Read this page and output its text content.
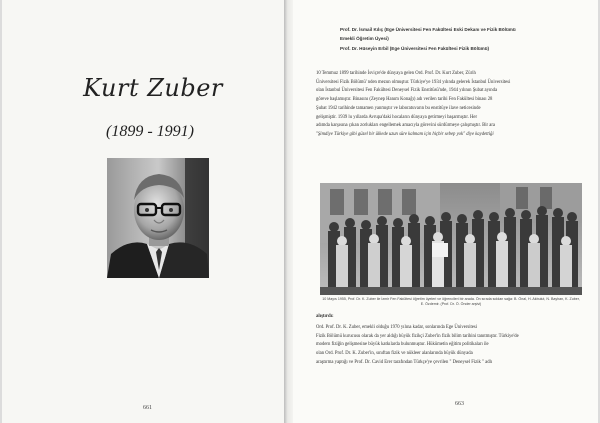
Kurt Zuber
(1899 - 1991)
661
Prof. Dr. İsmail Kılıç (Ege Üniversitesi Fen Fakültesi Eski Dekanı ve Fizik Bölümü
Emekli Öğretim Üyesi)
Prof. Dr. Hüseyin Erbil (Ege Üniversitesi Fen Fakültesi Fizik Bölümü)
10 Temmuz 1899 tarihinde İsviçre'de dünyaya gelen Ord. Prof. Dr. Kurt Zuber, Zürih
Üniversitesi Fizik Bölümü' nden mezun olmuştur. Türkiye'ye 1934 yılında gelerek İstanbul Üniversitesi
olan İstanbul Üniversitesi Fen Fakültesi Deneysel Fizik Enstitüsü'nde, 1944 yılının Şubat ayında
göreve başlamıştır. Binasını (Zeynep Hanım Konağı) adı verilen tarihi Fen Fakültesi binası 28
Şubat 1942 tarihinde tamamen yanmıştır ve laboratuvarın bu enstitüye ilave neticesinde
gelişmiştir. 1939 lu yıllarda Avrupa'daki hocaların dünyaya getirmeyi başarmıştır. Her
adımda karşısına çıkan zorlukları engellemek amacıyla görevini sürdürmeye çalışmıştır. Bir ara
"Şimdiye Türkiye gibi güzel bir ülkede uzun süre kalmam için hiçbir sebep yok" diye kaydettiği
10 Mayıs 1955, Prof. Dr. K. Zuber ile İzmir Fen Fakültesi öğretim üyeleri ve öğrencileri bir arada. Ön sırada soldan sağa: B. Önal, H. Akbulut, N. Bayhan, K. Zuber, E. Özdemir. (Prof. Dr. Ö. Önder arşivi)
alıştırdı:
Ord. Prof. Dr. K. Zuber, emekli olduğu 1970 yılına kadar, sonlarında Ege Üniversitesi
Fizik Bölümü kurucusu olarak da yer aldığı büyük fizikçi Zuber'in fizik bilim tarihini tanıtmıştır. Türkiye'de
modern fiziğin gelişmesine büyük katkılarda bulunmuştur. Hükümetin eğitim politikaları ile
olan Ord. Prof. Dr. K. Zuber'in, sınıftan fizik ve nükleer alanlarında büyük dünyada
araştırma yaptığı ve Prof. Dr. Cavid Erer tarafından Türkçe'ye çevrilen " Deneysel Fizik " adlı
663
